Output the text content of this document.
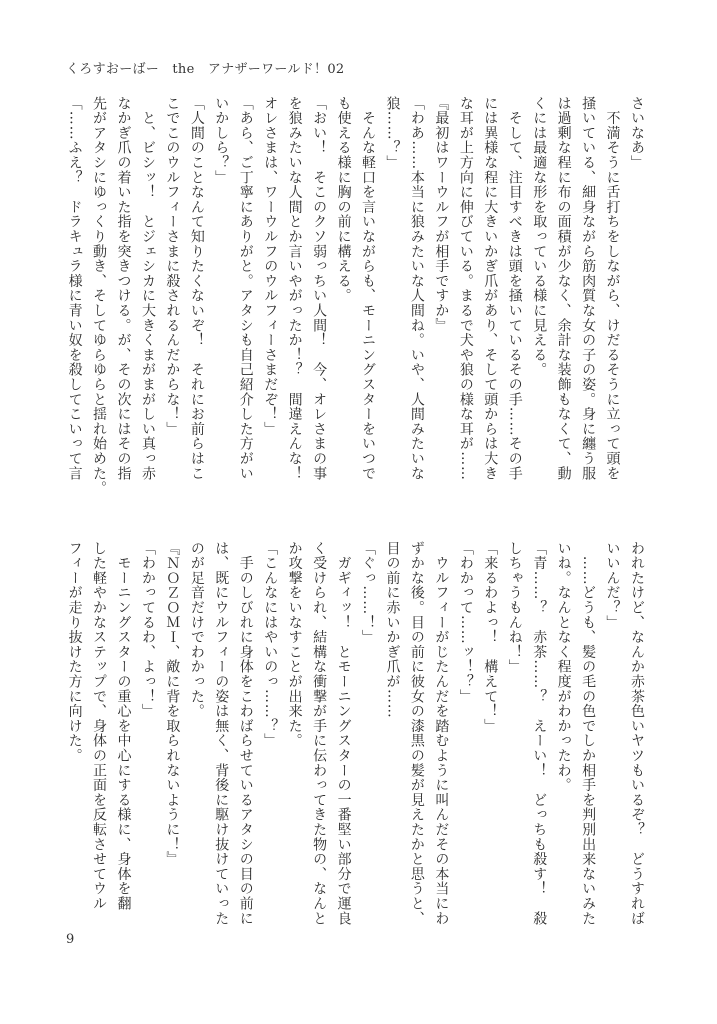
くろすおーばー　the　アナザーワールド！02
さいなあ」
　不満そうに舌打ちをしながら、けだるそうに立って頭を
掻いている、細身ながら筋肉質な女の子の姿。身に纏う服
は過剰な程に布の面積が少なく、余計な装飾もなくて、動
くには最適な形を取っている様に見える。
　そして、注目すべきは頭を掻いているその手……その手
には異様な程に大きいかぎ爪があり、そして頭からは大き
な耳が上方向に伸びている。まるで犬や狼の様な耳が……
『最初はワーウルフが相手ですか』
「わあ……本当に狼みたいな人間ね。いや、人間みたいな
狼……？」
　そんな軽口を言いながらも、モーニングスターをいつで
も使える様に胸の前に構える。
「おい！　そこのクソ弱っちい人間！　今、オレさまの事
を狼みたいな人間とか言いやがったか！？　間違えんな！
オレさまは、ワーウルフのウルフィーさまだぞ！」
「あら、ご丁寧にありがと。アタシも自己紹介した方がい
いかしら？」
「人間のことなんて知りたくないぞ！　それにお前らはこ
こでこのウルフィーさまに殺されるんだからな！」
　と、ビシッ！　とジェシカに大きくまがまがしい真っ赤
なかぎ爪の着いた指を突きつける。が、その次にはその指
先がアタシにゆっくり動き、そしてゆらゆらと揺れ始めた。
「……ふえ？　ドラキュラ様に青い奴を殺してこいって言
われたけど、なんか赤茶色いヤツもいるぞ？　どうすれば
いいんだ？」
　……どうも、髪の毛の色でしか相手を判別出来ないみた
いね。なんとなく程度がわかったわ。
「青……？　赤茶……？　えーい！　どっちも殺す！　殺
しちゃうもんね！」
「来るわよっ！　構えて！」
「わかって……ッ！？」
　ウルフィーがじたんだを踏むように叫んだその本当にわ
ずかな後。目の前に彼女の漆黒の髪が見えたかと思うと、
目の前に赤いかぎ爪が……
「ぐっ……！」
　ガギィッ！　とモーニングスターの一番堅い部分で運良
く受けられ、結構な衝撃が手に伝わってきた物の、なんと
か攻撃をいなすことが出来た。
「こんなにはやいのっ……？」
　手のしびれに身体をこわばらせているアタシの目の前に
は、既にウルフィーの姿は無く、背後に駆け抜けていった
のが足音だけでわかった。
『ＮＯＺＯＭＩ、敵に背を取られないように！』
「わかってるわ、よっ！」
　モーニングスターの重心を中心にする様に、身体を翻
した軽やかなステップで、身体の正面を反転させてウル
フィーが走り抜けた方に向けた。
9
